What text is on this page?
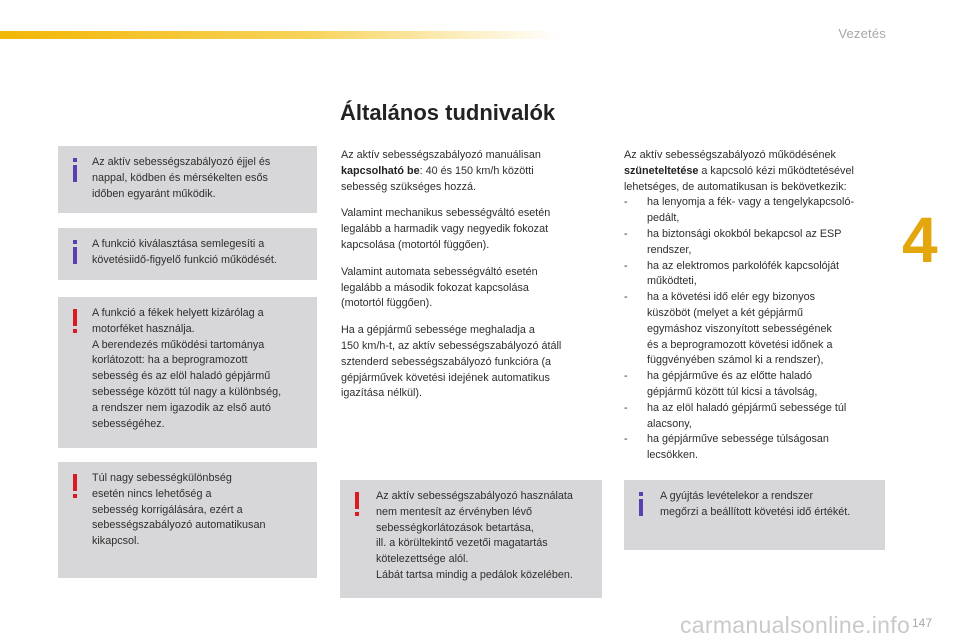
Vezetés
4
147
carmanualsonline.info
Általános tudnivalók
Az aktív sebességszabályozó éjjel és
nappal, ködben és mérsékelten esős
időben egyaránt működik.
A funkció kiválasztása semlegesíti a
követésiidő-figyelő funkció működését.
A funkció a fékek helyett kizárólag a
motorféket használja.
A berendezés működési tartománya
korlátozott: ha a beprogramozott
sebesség és az elöl haladó gépjármű
sebessége között túl nagy a különbség,
a rendszer nem igazodik az első autó
sebességéhez.
Túl nagy sebességkülönbség
esetén nincs lehetőség a
sebesség korrigálására, ezért a
sebességszabályozó automatikusan
kikapcsol.

Az aktív sebességszabályozó manuálisan
kapcsolható be: 40 és 150 km/h közötti
sebesség szükséges hozzá.

Valamint mechanikus sebességváltó esetén
legalább a harmadik vagy negyedik fokozat
kapcsolása (motortól függően).

Valamint automata sebességváltó esetén
legalább a második fokozat kapcsolása
(motortól függően).

Ha a gépjármű sebessége meghaladja a
150 km/h-t, az aktív sebességszabályozó átáll
sztenderd sebességszabályozó funkcióra (a
gépjárművek követési idejének automatikus
igazítása nélkül).

Az aktív sebességszabályozó használata
nem mentesít az érvényben lévő
sebességkorlátozások betartása,
ill. a körültekintő vezetői magatartás
kötelezettsége alól.
Lábát tartsa mindig a pedálok közelében.
Az aktív sebességszabályozó működésének
szüneteltetése a kapcsoló kézi működtetésével
lehetséges, de automatikusan is bekövetkezik:
- ha lenyomja a fék- vagy a tengelykapcsoló-
pedált,
- ha biztonsági okokból bekapcsol az ESP
rendszer,
- ha az elektromos parkolófék kapcsolóját
működteti,
- ha a követési idő elér egy bizonyos
küszöböt (melyet a két gépjármű
egymáshoz viszonyított sebességének
és a beprogramozott követési időnek a
függvényében számol ki a rendszer),
- ha gépjárműve és az előtte haladó
gépjármű között túl kicsi a távolság,
- ha az elöl haladó gépjármű sebessége túl
alacsony,
- ha gépjárműve sebessége túlságosan
lecsökken.
A gyújtás levételekor a rendszer
megőrzi a beállított követési idő értékét.
